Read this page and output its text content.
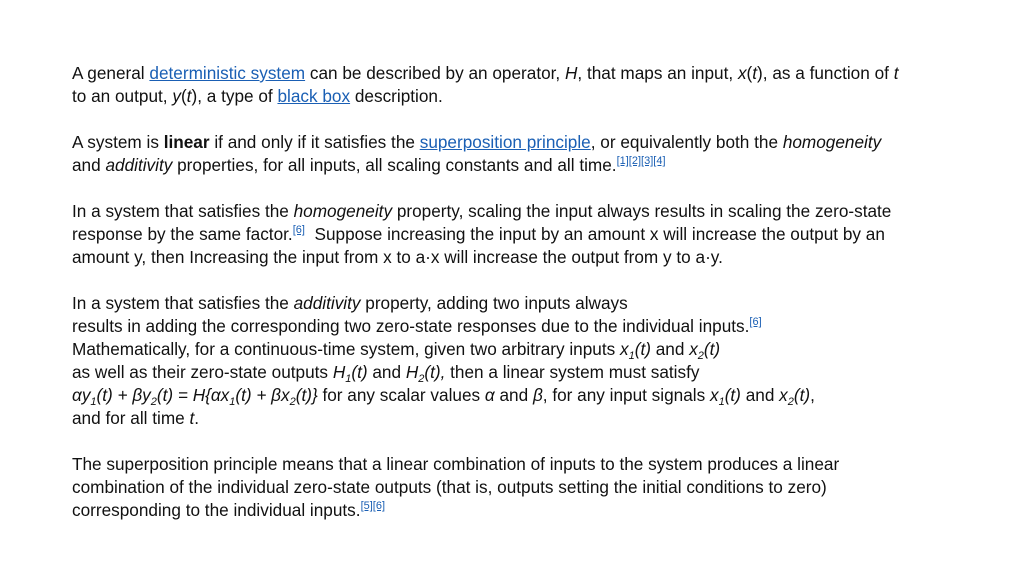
A general deterministic system can be described by an operator, H, that maps an input, x(t), as a function of t
to an output, y(t), a type of black box description.

A system is linear if and only if it satisfies the superposition principle, or equivalently both the homogeneity
and additivity properties, for all inputs, all scaling constants and all time.[1][2][3][4]

In a system that satisfies the homogeneity property, scaling the input always results in scaling the zero-state
response by the same factor.[6]  Suppose increasing the input by an amount x will increase the output by an
amount y, then Increasing the input from x to a·x will increase the output from y to a·y.

In a system that satisfies the additivity property, adding two inputs always
results in adding the corresponding two zero-state responses due to the individual inputs.[6]
Mathematically, for a continuous-time system, given two arbitrary inputs $x_1(t)$ and $x_2(t)$
as well as their zero-state outputs $H_1(t)$ and $H_2(t)$, then a linear system must satisfy
$\alpha y_1(t) + \beta y_2(t) = H\{\alpha x_1(t) + \beta x_2(t)\}$ for any scalar values α and β, for any input signals $x_1(t)$ and $x_2(t)$,
and for all time t.

The superposition principle means that a linear combination of inputs to the system produces a linear
combination of the individual zero-state outputs (that is, outputs setting the initial conditions to zero)
corresponding to the individual inputs.[5][6]
